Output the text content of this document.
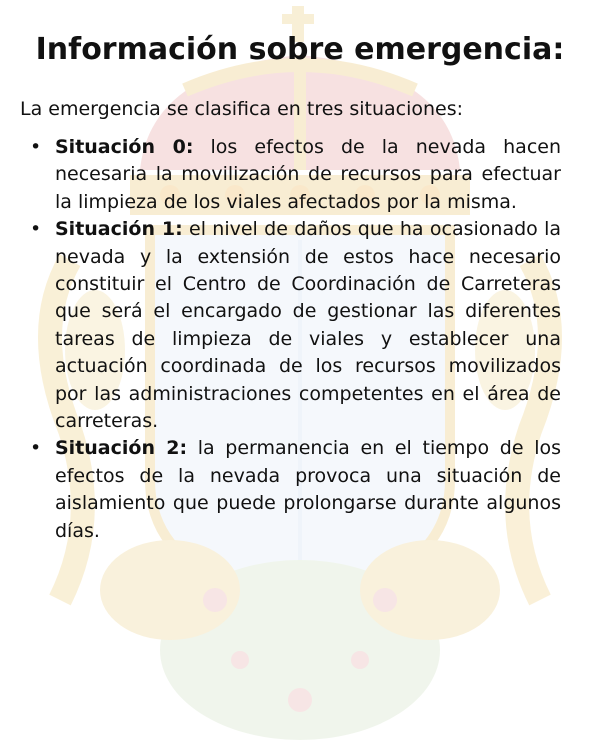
Información sobre emergencia:

La emergencia se clasifica en tres situaciones:

• Situación 0: los efectos de la nevada hacen necesaria la movilización de recursos para efectuar la limpieza de los viales afectados por la misma.
• Situación 1: el nivel de daños que ha ocasionado la nevada y la extensión de estos hace necesario constituir el Centro de Coordinación de Carreteras que será el encargado de gestionar las diferentes tareas de limpieza de viales y establecer una actuación coordinada de los recursos movilizados por las administraciones competentes en el área de carreteras.
• Situación 2: la permanencia en el tiempo de los efectos de la nevada provoca una situación de aislamiento que puede prolongarse durante algunos días.
